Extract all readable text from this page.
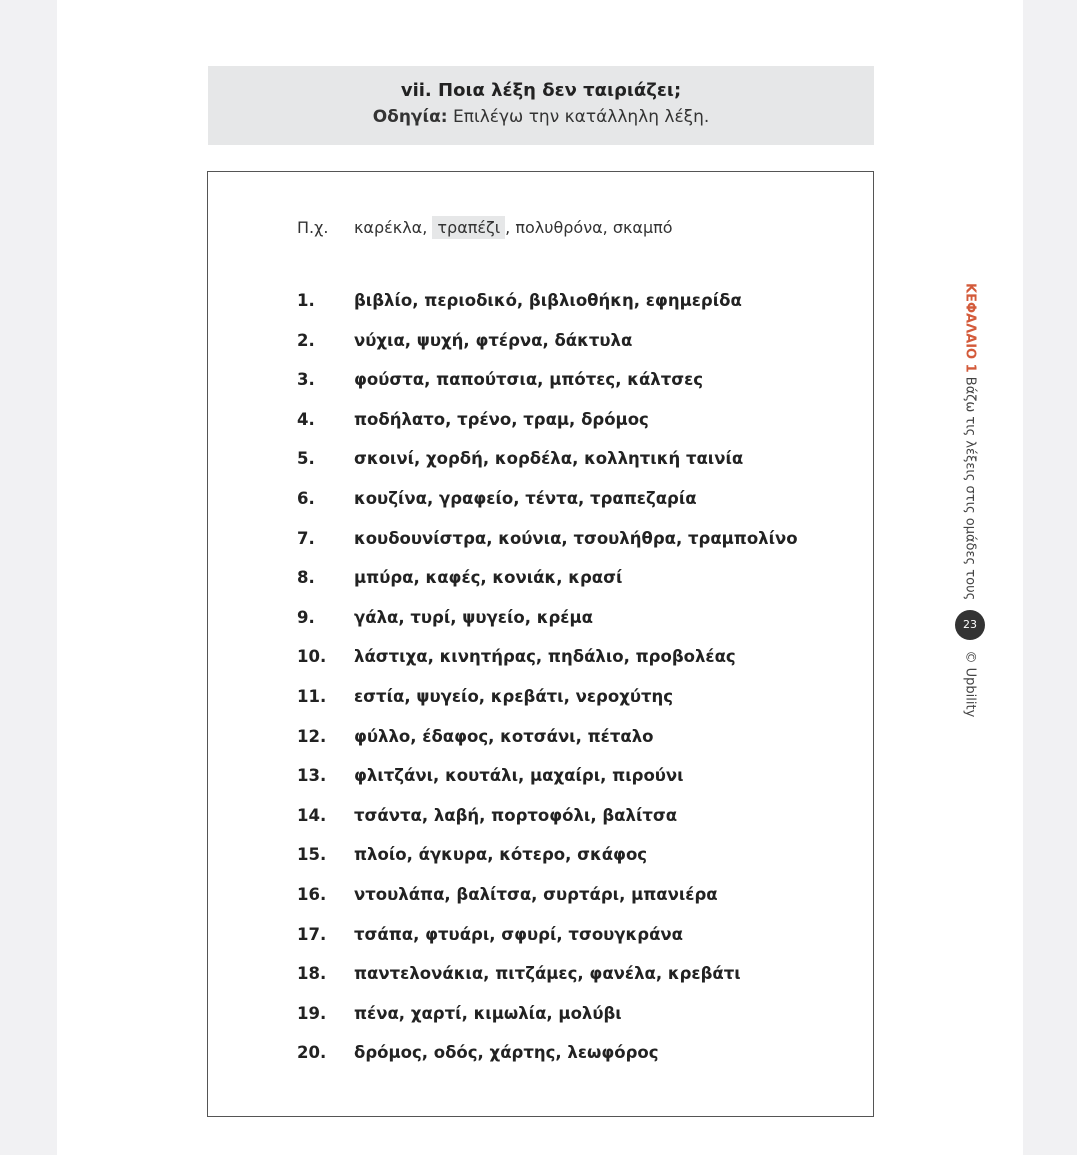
vii. Ποια λέξη δεν ταιριάζει;
Οδηγία: Επιλέγω την κατάλληλη λέξη.
Π.χ. καρέκλα, τραπέζι , πολυθρόνα, σκαμπό
1. βιβλίο, περιοδικό, βιβλιοθήκη, εφημερίδα
2. νύχια, ψυχή, φτέρνα, δάκτυλα
3. φούστα, παπούτσια, μπότες, κάλτσες
4. ποδήλατο, τρένο, τραμ, δρόμος
5. σκοινί, χορδή, κορδέλα, κολλητική ταινία
6. κουζίνα, γραφείο, τέντα, τραπεζαρία
7. κουδουνίστρα, κούνια, τσουλήθρα, τραμπολίνο
8. μπύρα, καφές, κονιάκ, κρασί
9. γάλα, τυρί, ψυγείο, κρέμα
10. λάστιχα, κινητήρας, πηδάλιο, προβολέας
11. εστία, ψυγείο, κρεβάτι, νεροχύτης
12. φύλλο, έδαφος, κοτσάνι, πέταλο
13. φλιτζάνι, κουτάλι, μαχαίρι, πιρούνι
14. τσάντα, λαβή, πορτοφόλι, βαλίτσα
15. πλοίο, άγκυρα, κότερο, σκάφος
16. ντουλάπα, βαλίτσα, συρτάρι, μπανιέρα
17. τσάπα, φτυάρι, σφυρί, τσουγκράνα
18. παντελονάκια, πιτζάμες, φανέλα, κρεβάτι
19. πένα, χαρτί, κιμωλία, μολύβι
20. δρόμος, οδός, χάρτης, λεωφόρος
ΚΕΦΑΛΑΙΟ 1 Βάζω τις λέξεις στις ομάδες τους 23 © Upbility
